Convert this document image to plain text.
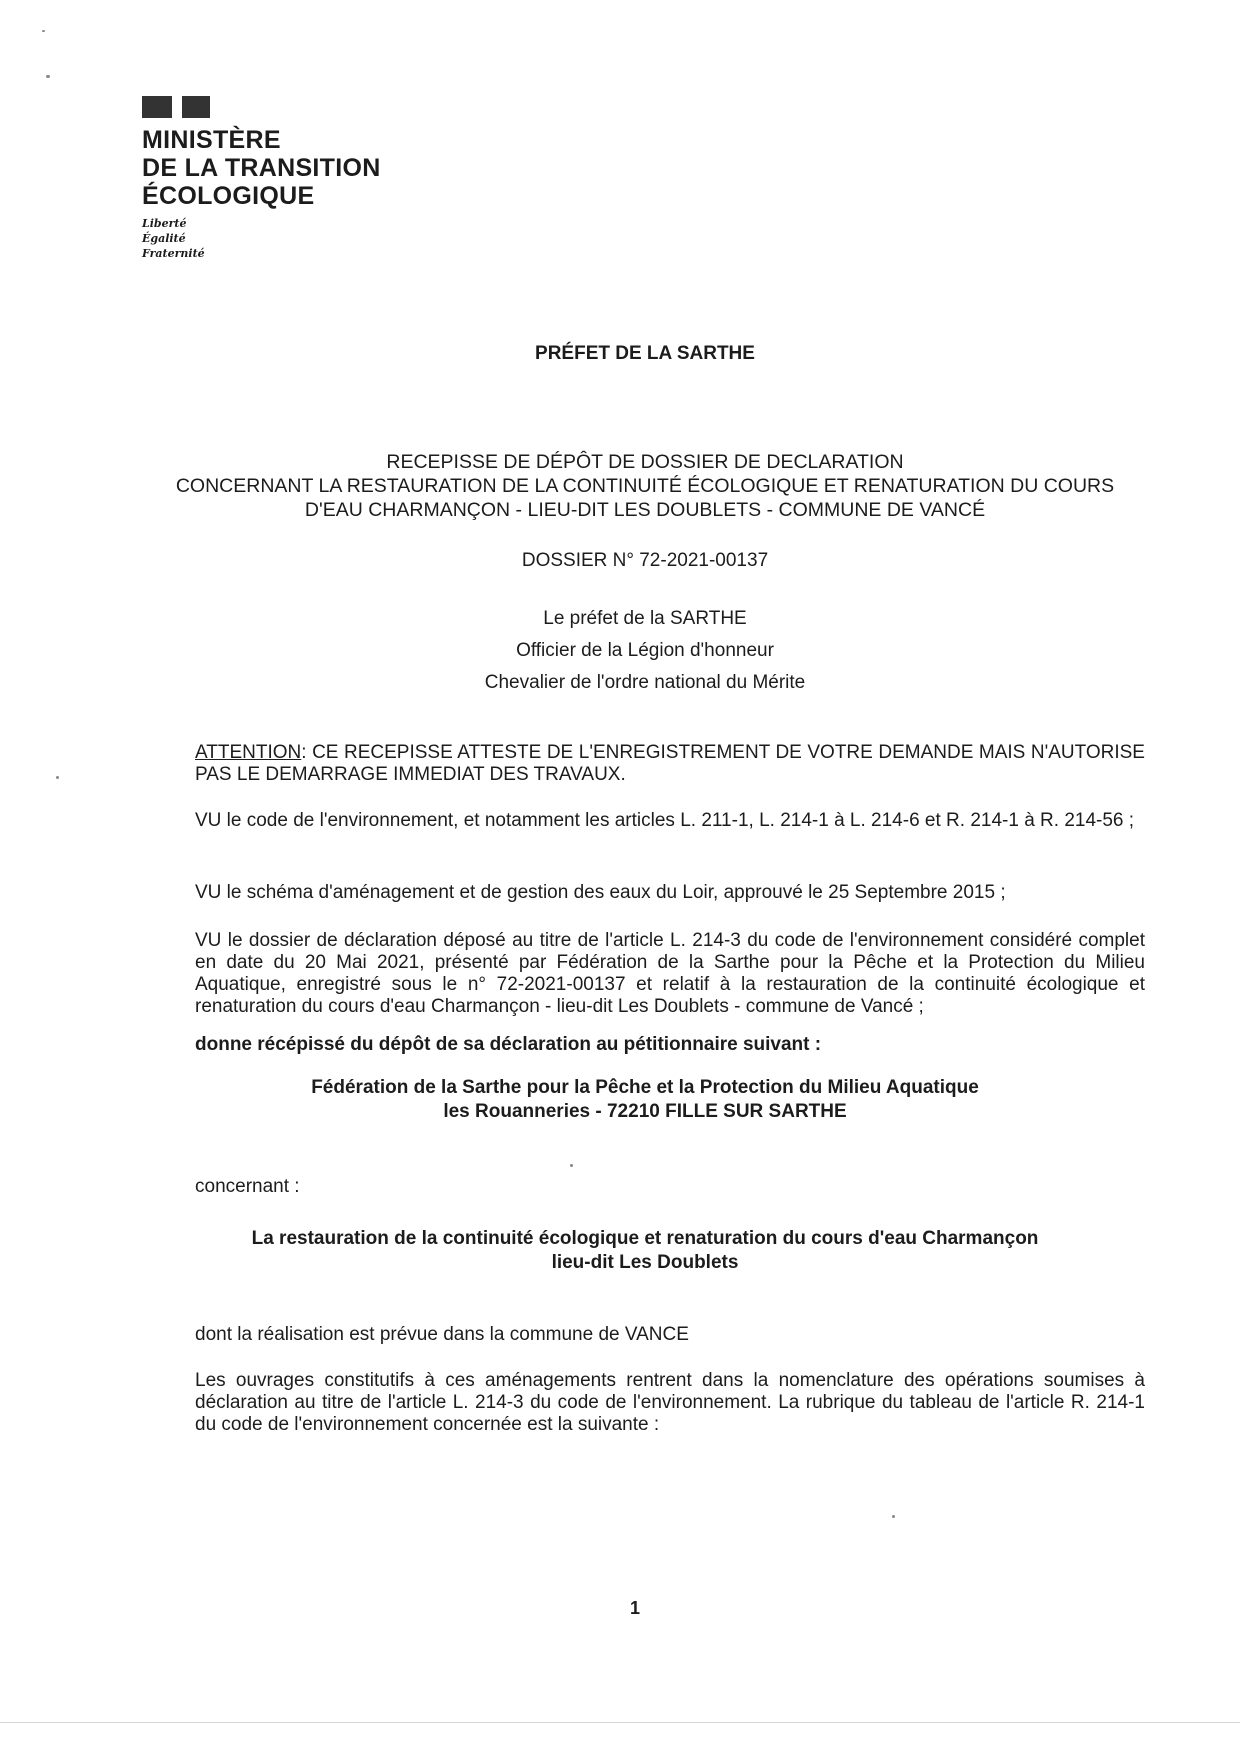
MINISTÈRE
DE LA TRANSITION
ÉCOLOGIQUE
Liberté
Égalité
Fraternité
PRÉFET DE LA SARTHE
RECEPISSE DE DÉPÔT DE DOSSIER DE DECLARATION
CONCERNANT LA RESTAURATION DE LA CONTINUITÉ ÉCOLOGIQUE ET RENATURATION DU COURS
D'EAU CHARMANÇON - LIEU-DIT LES DOUBLETS - COMMUNE DE VANCÉ
DOSSIER N° 72-2021-00137
Le préfet de la SARTHE
Officier de la Légion d'honneur
Chevalier de l'ordre national du Mérite
ATTENTION: CE RECEPISSE ATTESTE DE L'ENREGISTREMENT DE VOTRE DEMANDE MAIS N'AUTORISE PAS LE DEMARRAGE IMMEDIAT DES TRAVAUX.
VU le code de l'environnement, et notamment les articles L. 211-1, L. 214-1 à L. 214-6 et R. 214-1 à R. 214-56 ;
VU le schéma d'aménagement et de gestion des eaux du Loir, approuvé le 25 Septembre 2015 ;
VU le dossier de déclaration déposé au titre de l'article L. 214-3 du code de l'environnement considéré complet en date du 20 Mai 2021, présenté par Fédération de la Sarthe pour la Pêche et la Protection du Milieu Aquatique, enregistré sous le n° 72-2021-00137 et relatif à la restauration de la continuité écologique et renaturation du cours d'eau Charmançon - lieu-dit Les Doublets - commune de Vancé ;
donne récépissé du dépôt de sa déclaration au pétitionnaire suivant :
Fédération de la Sarthe pour la Pêche et la Protection du Milieu Aquatique
les Rouanneries - 72210 FILLE SUR SARTHE
concernant :
La restauration de la continuité écologique et renaturation du cours d'eau Charmançon
lieu-dit Les Doublets
dont la réalisation est prévue dans la commune de VANCE
Les ouvrages constitutifs à ces aménagements rentrent dans la nomenclature des opérations soumises à déclaration au titre de l'article L. 214-3 du code de l'environnement. La rubrique du tableau de l'article R. 214-1 du code de l'environnement concernée est la suivante :
1
